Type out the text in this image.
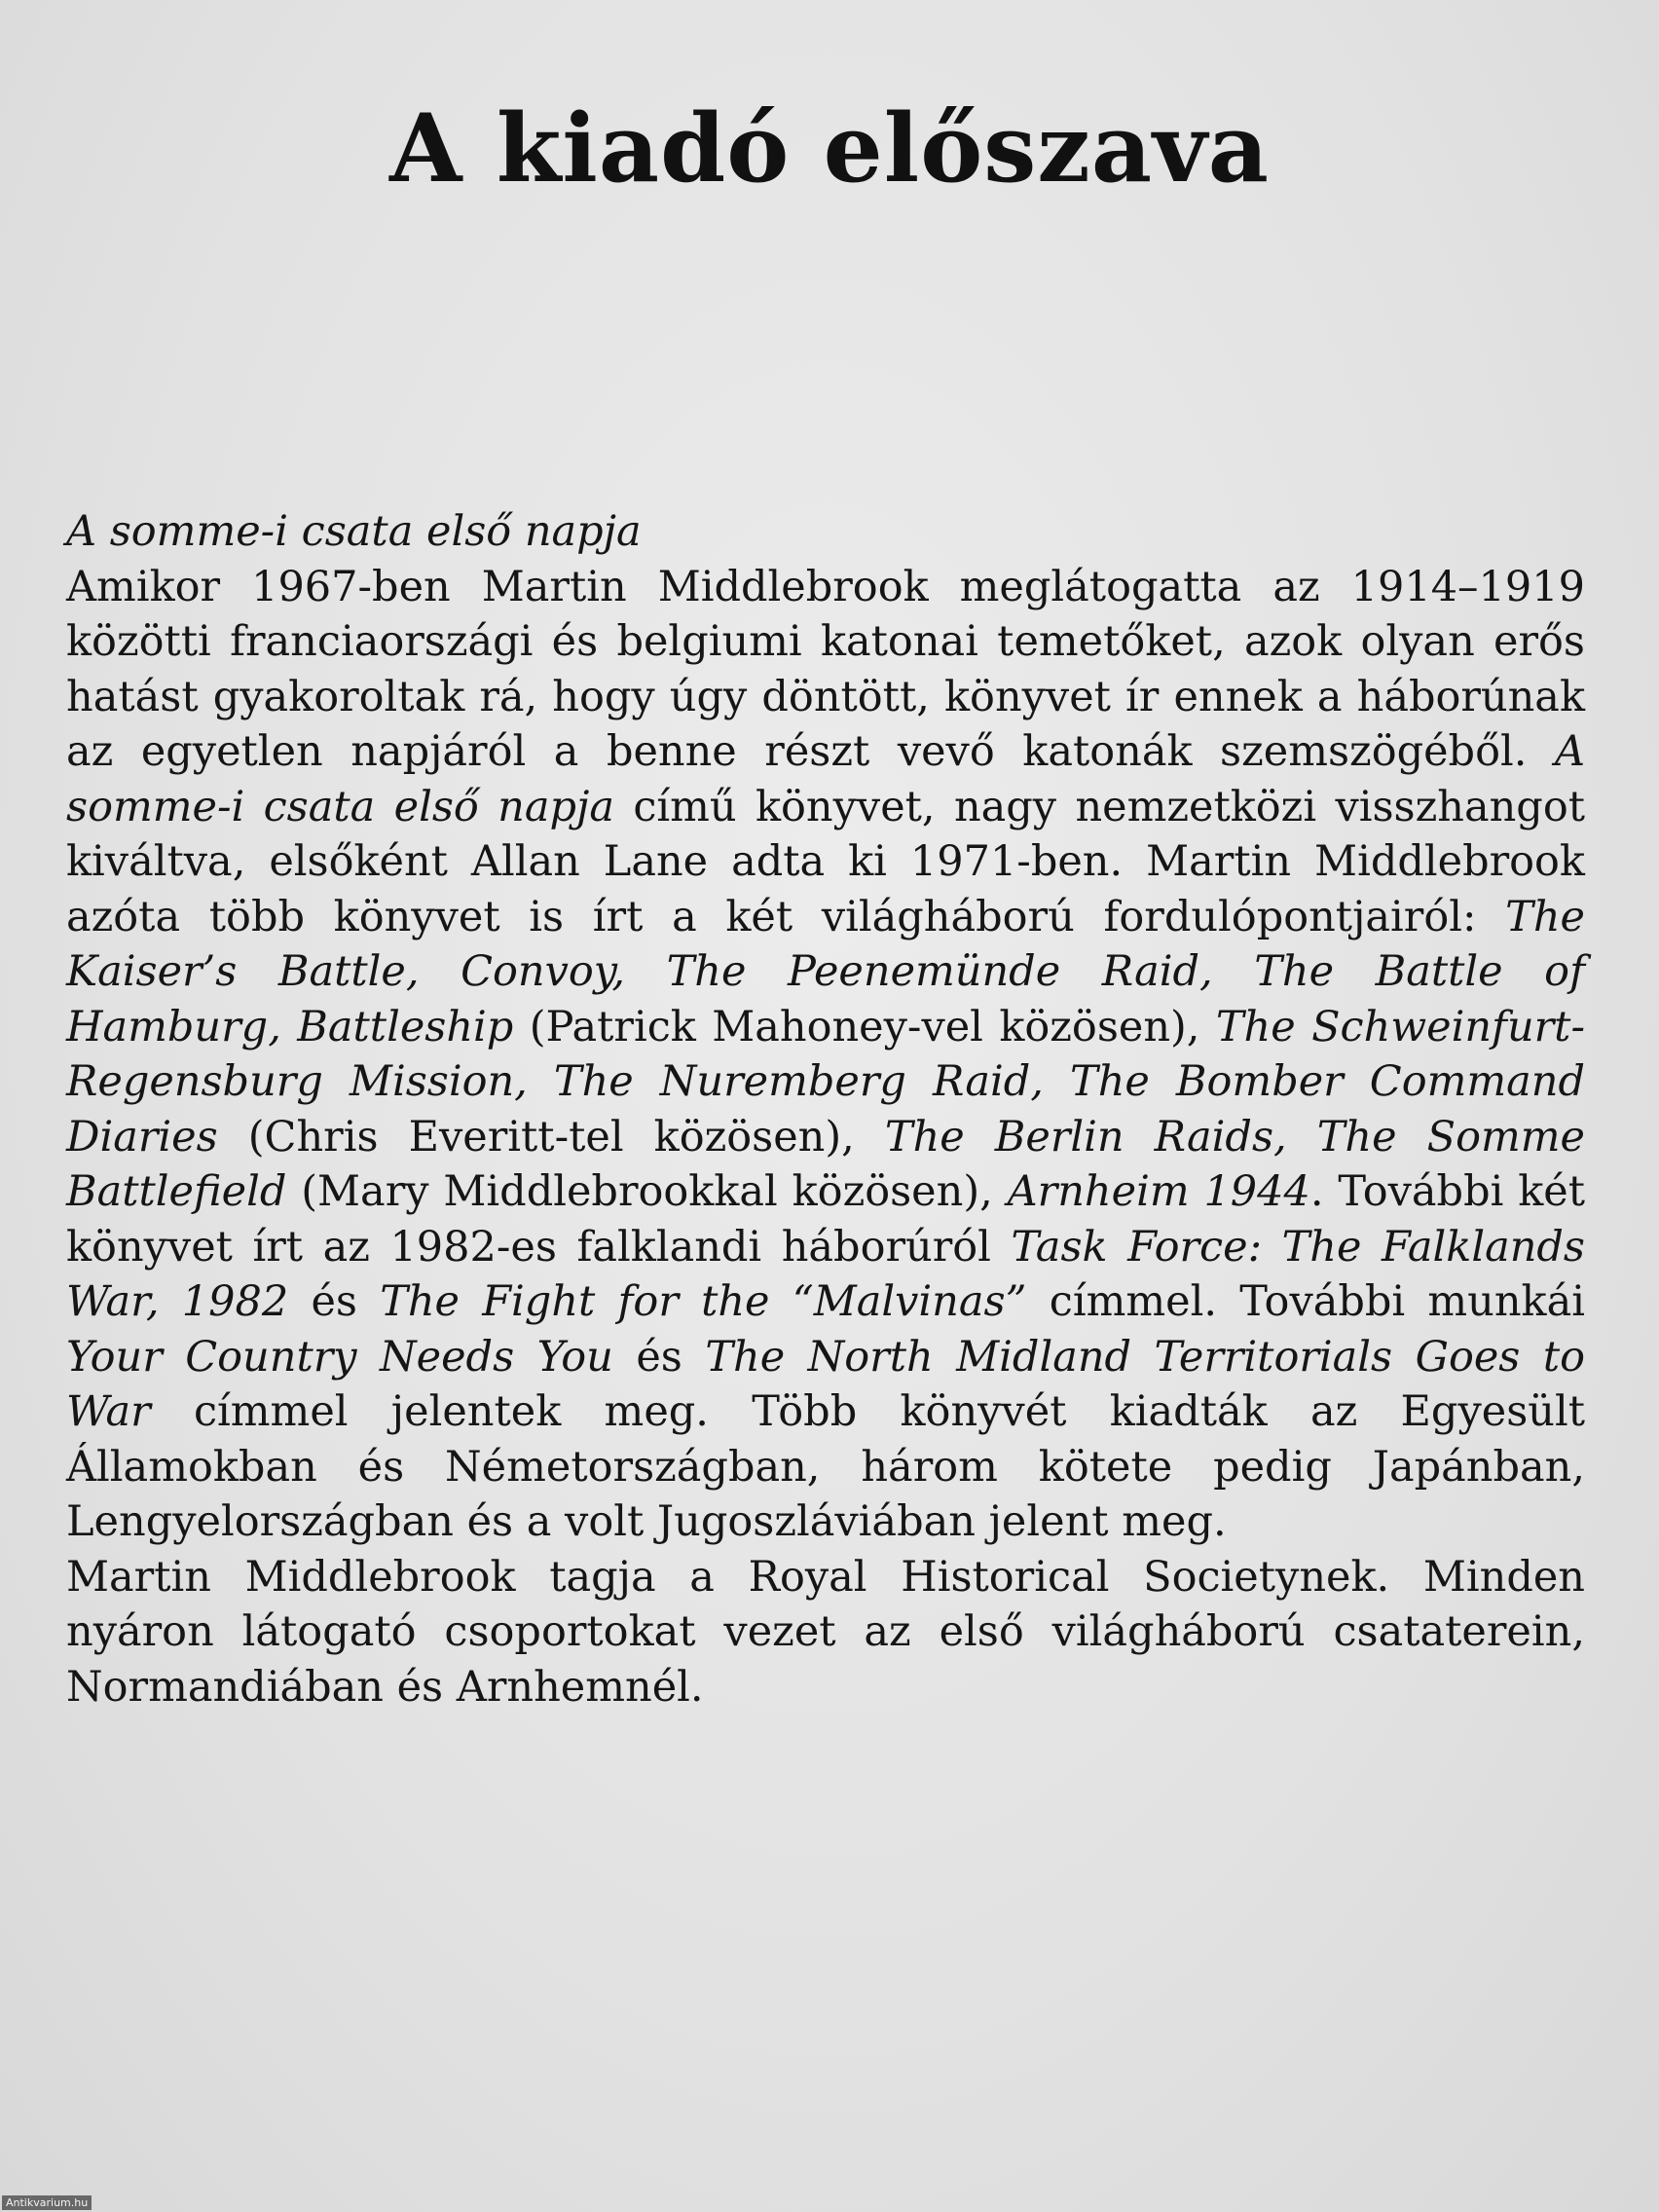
A kiadó előszava

A somme-i csata első napja

Amikor 1967-ben Martin Middlebrook meglátogatta az 1914–1919 közötti franciaországi és belgiumi katonai temetőket, azok olyan erős hatást gyakoroltak rá, hogy úgy döntött, könyvet ír ennek a háborúnak az egyetlen napjáról a benne részt vevő katonák szemszögéből. A somme-i csata első napja című könyvet, nagy nemzetközi visszhangot kiváltva, elsőként Allan Lane adta ki 1971-ben. Martin Middlebrook azóta több könyvet is írt a két világháború fordulópontjairól: The Kaiser’s Battle, Convoy, The Peenemünde Raid, The Battle of Hamburg, Battleship (Patrick Mahoney-vel közösen), The Schweinfurt-Regensburg Mission, The Nuremberg Raid, The Bomber Command Diaries (Chris Everitt-tel közösen), The Berlin Raids, The Somme Battlefield (Mary Middlebrookkal közösen), Arnheim 1944. További két könyvet írt az 1982-es falklandi háborúról Task Force: The Falklands War, 1982 és The Fight for the “Malvinas” címmel. További munkái Your Country Needs You és The North Midland Territorials Goes to War címmel jelentek meg. Több könyvét kiadták az Egyesült Államokban és Németországban, három kötete pedig Japánban, Lengyelországban és a volt Jugoszláviában jelent meg.

Martin Middlebrook tagja a Royal Historical Societynek. Minden nyáron látogató csoportokat vezet az első világháború csataterein, Normandiában és Arnhemnél.

Antikvarium.hu
